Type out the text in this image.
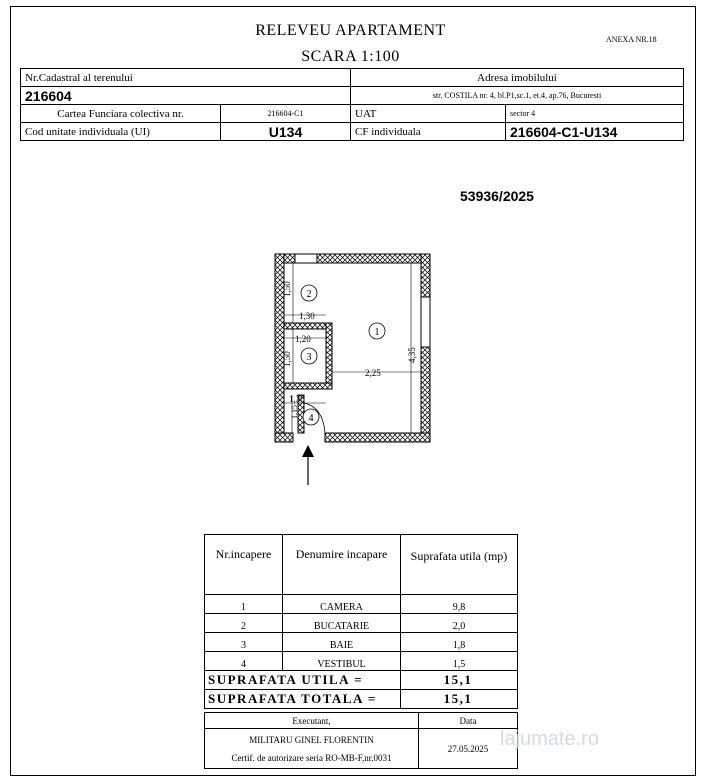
RELEVEU APARTAMENT
SCARA 1:100
ANEXA NR.18
Nr.Cadastral al terenului		Adresa imobilului	
216604		str. COSTILA nr. 4, bl.P1,sc.1, et.4, ap.76, Bucuresti	
Cartea Funciara colectiva nr.	216604-C1	UAT	sector 4
Cod unitate individuala (UI)	U134	CF individuala	216604-C1-U134
53936/2025
1,50
1,30
1,20
1,50
2,25
4,35
1,30
1,15
1
2
3
4
Nr.incapere	Denumire incapare	Suprafata utila (mp)
1	CAMERA	9,8
2	BUCATARIE	2,0
3	BAIE	1,8
4	VESTIBUL	1,5
SUPRAFATA UTILA =		15,1
SUPRAFATA TOTALA =		15,1
Executant,	Data

MILITARU GINEL FLORENTIN
Certif. de autorizare seria RO-MB-F,nr.0031	27.05.2025 lajumate.ro
